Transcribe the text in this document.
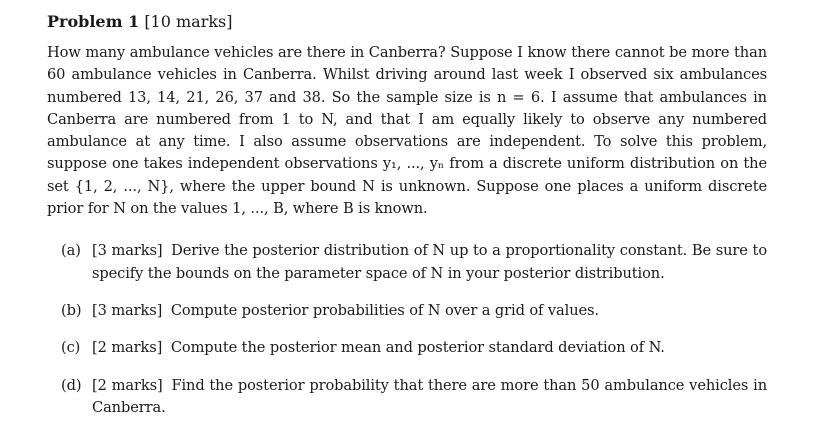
Problem 1 [10 marks]

How many ambulance vehicles are there in Canberra? Suppose I know there cannot be more than 60 ambulance vehicles in Canberra. Whilst driving around last week I observed six ambulances numbered 13, 14, 21, 26, 37 and 38. So the sample size is n = 6. I assume that ambulances in Canberra are numbered from 1 to N, and that I am equally likely to observe any numbered ambulance at any time. I also assume observations are independent. To solve this problem, suppose one takes independent observations y₁, ..., yₙ from a discrete uniform distribution on the set {1, 2, ..., N}, where the upper bound N is unknown. Suppose one places a uniform discrete prior for N on the values 1, ..., B, where B is known.

(a) [3 marks] Derive the posterior distribution of N up to a proportionality constant. Be sure to specify the bounds on the parameter space of N in your posterior distribution.
(b) [3 marks] Compute posterior probabilities of N over a grid of values.
(c) [2 marks] Compute the posterior mean and posterior standard deviation of N.
(d) [2 marks] Find the posterior probability that there are more than 50 ambulance vehicles in Canberra.
